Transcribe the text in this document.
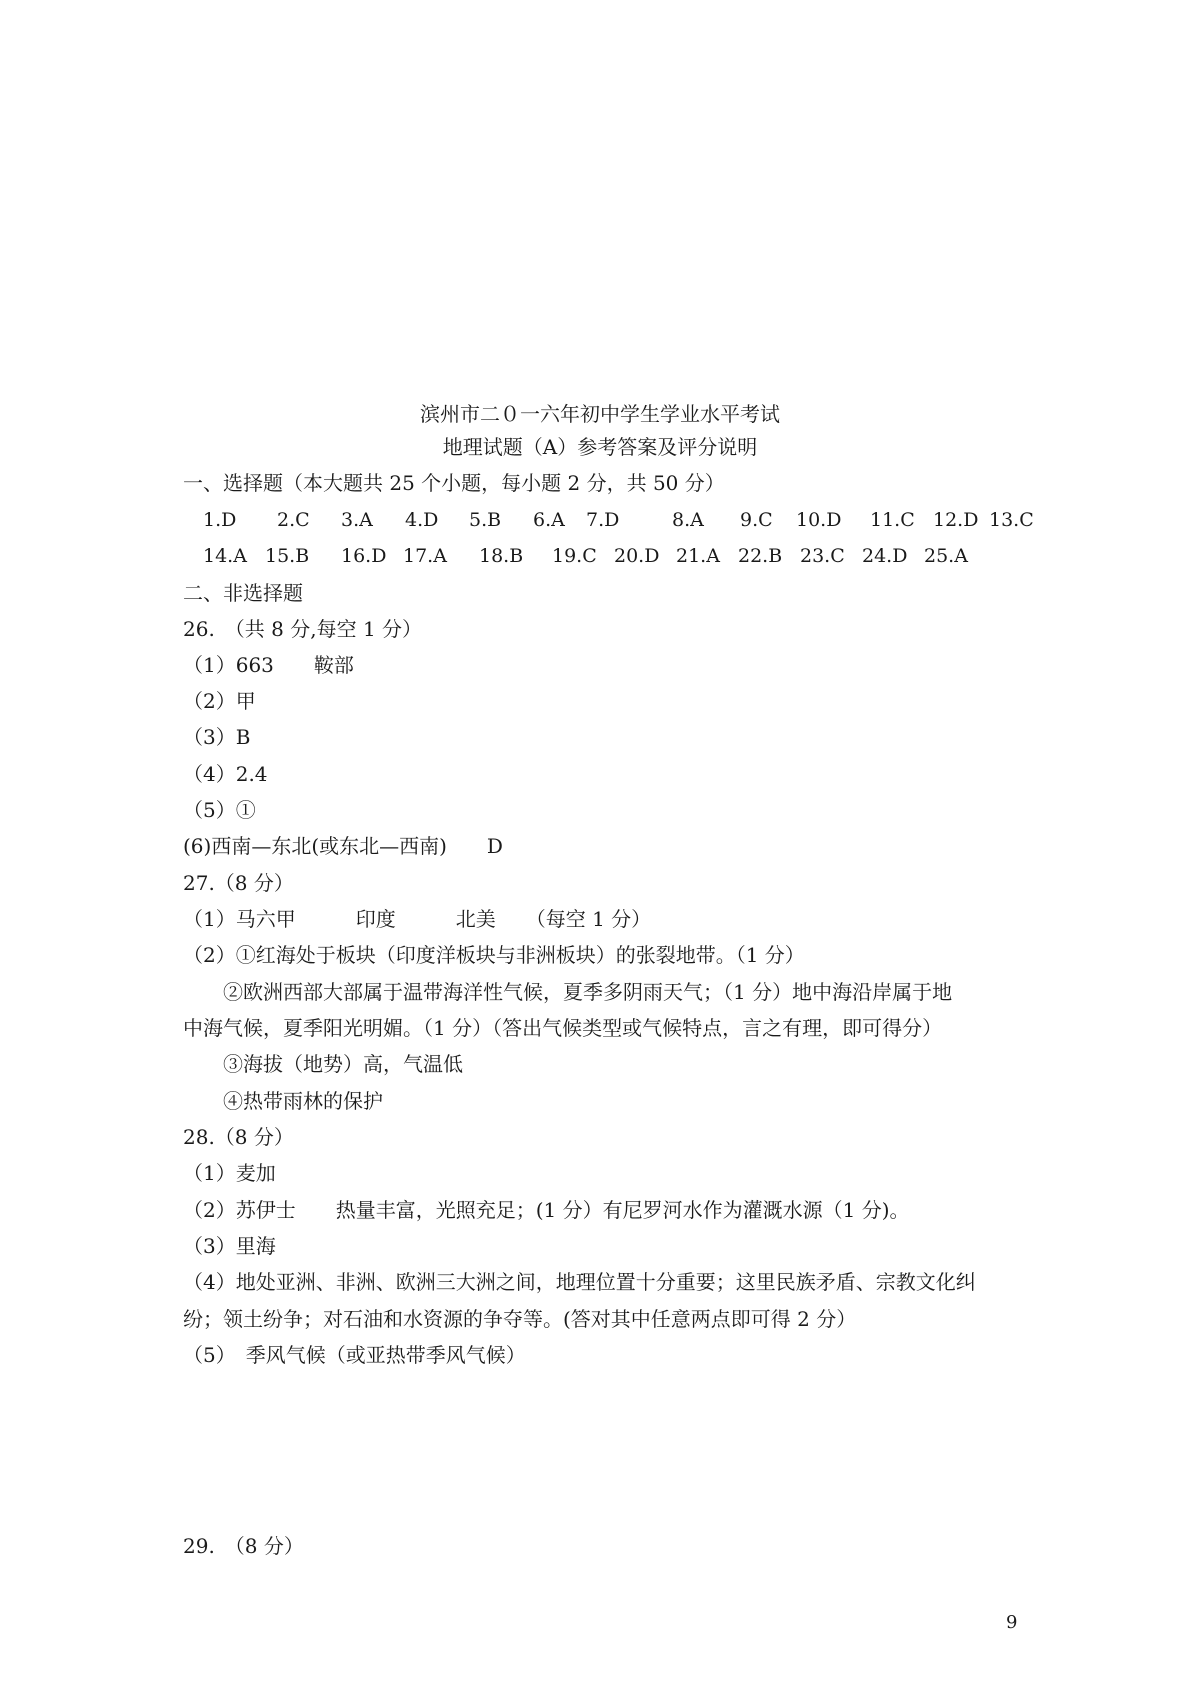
滨州市二０一六年初中学生学业水平考试
地理试题（A）参考答案及评分说明
一、选择题（本大题共 25 个小题，每小题 2 分，共 50 分）
1.D 2.C 3.A 4.D 5.B 6.A 7.D	8.A 9.C 10.D 11.C 12.D 13.C
14.A 15.B 16.D 17.A 18.B 19.C 20.D 21.A 22.B 23.C 24.D 25.A
二、非选择题
26.　（共 8 分,每空 1 分）
（1）663　　鞍部
（2）甲
（3）B
（4）2.4
（5）①
(6)西南—东北(或东北—西南)　　D
27.（8 分）
（1）马六甲　　　印度　　　北美　　（每空 1 分）
（2）①红海处于板块（印度洋板块与非洲板块）的张裂地带。（1 分）
　　②欧洲西部大部属于温带海洋性气候，夏季多阴雨天气；（1 分）地中海沿岸属于地
中海气候，夏季阳光明媚。（1 分）（答出气候类型或气候特点，言之有理，即可得分）
　　③海拔（地势）高，气温低
　　④热带雨林的保护
28.（8 分）
（1）麦加
（2）苏伊士　　热量丰富，光照充足；(1 分）有尼罗河水作为灌溉水源（1 分)。
（3）里海
（4）地处亚洲、非洲、欧洲三大洲之间，地理位置十分重要；这里民族矛盾、宗教文化纠
纷；领土纷争；对石油和水资源的争夺等。(答对其中任意两点即可得 2 分）
（5）　季风气候（或亚热带季风气候）
29.　（8 分）
9
